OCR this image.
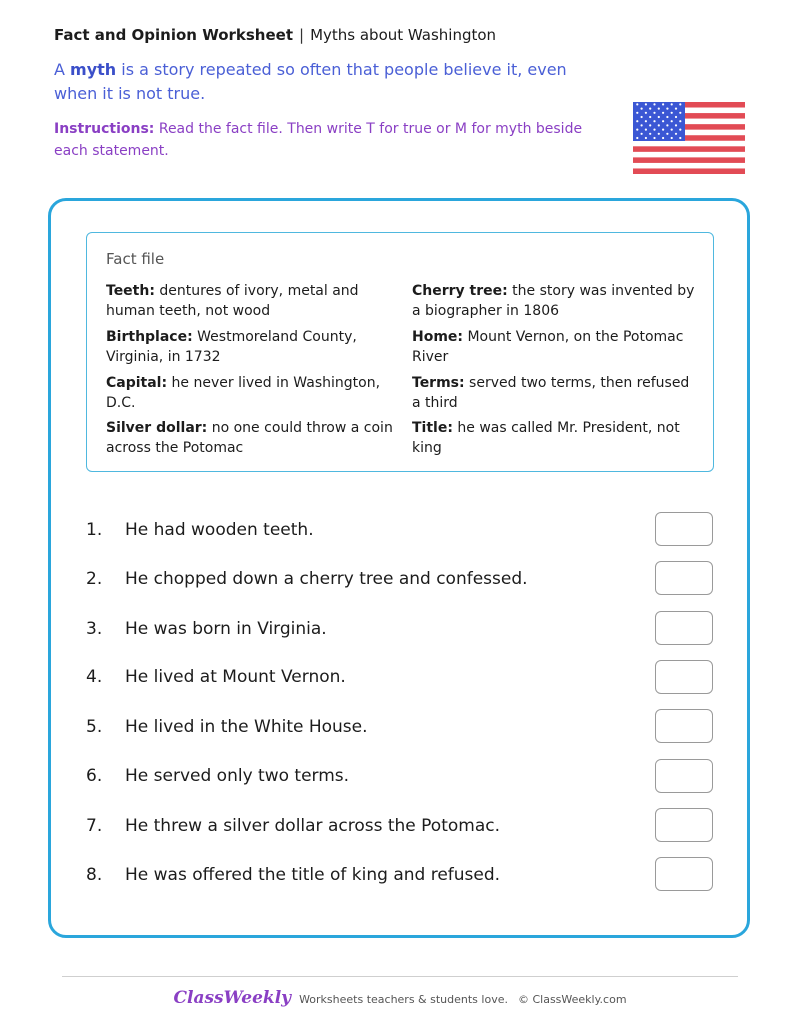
Fact and Opinion Worksheet | Myths about Washington
A myth is a story repeated so often that people believe it, even when it is not true.
Instructions: Read the fact file. Then write T for true or M for myth beside each statement.
Fact file
Teeth: dentures of ivory, metal and human teeth, not wood
Birthplace: Westmoreland County, Virginia, in 1732
Capital: he never lived in Washington, D.C.
Silver dollar: no one could throw a coin across the Potomac
Cherry tree: the story was invented by a biographer in 1806
Home: Mount Vernon, on the Potomac River
Terms: served two terms, then refused a third
Title: he was called Mr. President, not king
1. He had wooden teeth.
2. He chopped down a cherry tree and confessed.
3. He was born in Virginia.
4. He lived at Mount Vernon.
5. He lived in the White House.
6. He served only two terms.
7. He threw a silver dollar across the Potomac.
8. He was offered the title of king and refused.
ClassWeekly Worksheets teachers & students love. © ClassWeekly.com
